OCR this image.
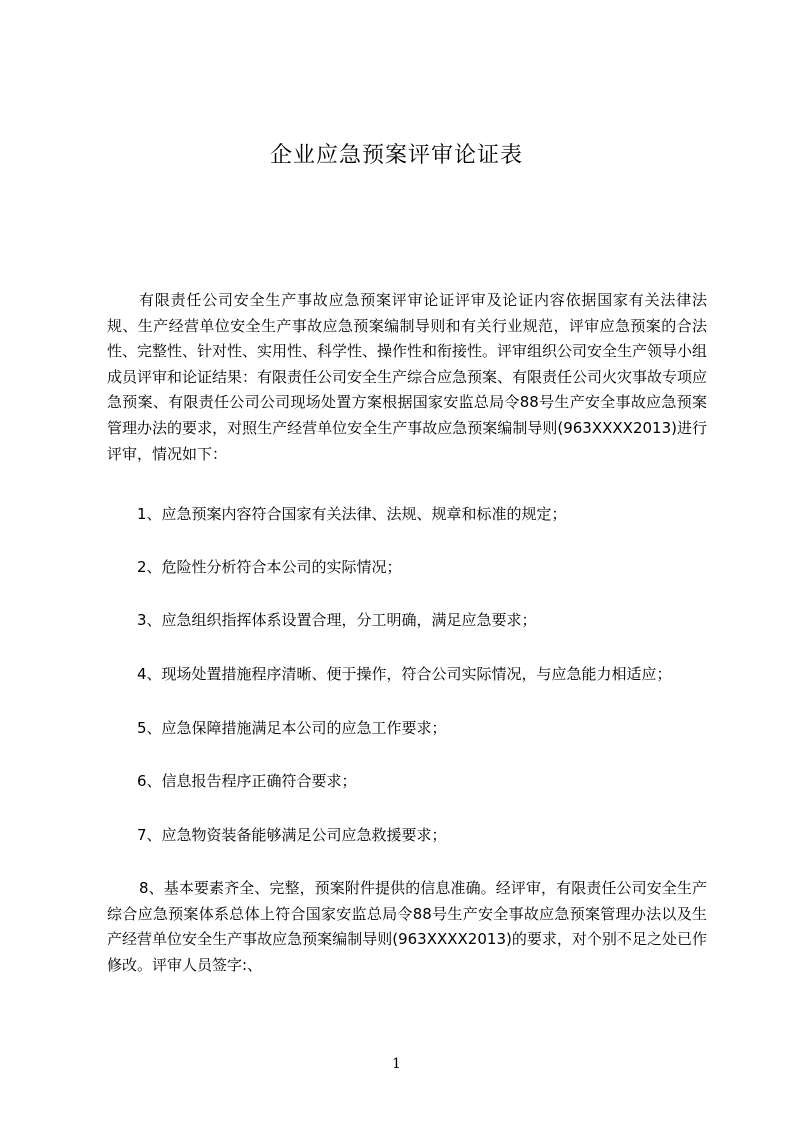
企业应急预案评审论证表

有限责任公司安全生产事故应急预案评审论证评审及论证内容依据国家有关法律法规、生产经营单位安全生产事故应急预案编制导则和有关行业规范，评审应急预案的合法性、完整性、针对性、实用性、科学性、操作性和衔接性。评审组织公司安全生产领导小组成员评审和论证结果：有限责任公司安全生产综合应急预案、有限责任公司火灾事故专项应急预案、有限责任公司公司现场处置方案根据国家安监总局令88号生产安全事故应急预案管理办法的要求，对照生产经营单位安全生产事故应急预案编制导则(963XXXX2013)进行评审，情况如下：

1、应急预案内容符合国家有关法律、法规、规章和标准的规定；
2、危险性分析符合本公司的实际情况；
3、应急组织指挥体系设置合理，分工明确，满足应急要求；
4、现场处置措施程序清晰、便于操作，符合公司实际情况，与应急能力相适应；
5、应急保障措施满足本公司的应急工作要求；
6、信息报告程序正确符合要求；
7、应急物资装备能够满足公司应急救援要求；

8、基本要素齐全、完整，预案附件提供的信息准确。经评审，有限责任公司安全生产综合应急预案体系总体上符合国家安监总局令88号生产安全事故应急预案管理办法以及生产经营单位安全生产事故应急预案编制导则(963XXXX2013)的要求，对个别不足之处已作修改。评审人员签字:、

1
